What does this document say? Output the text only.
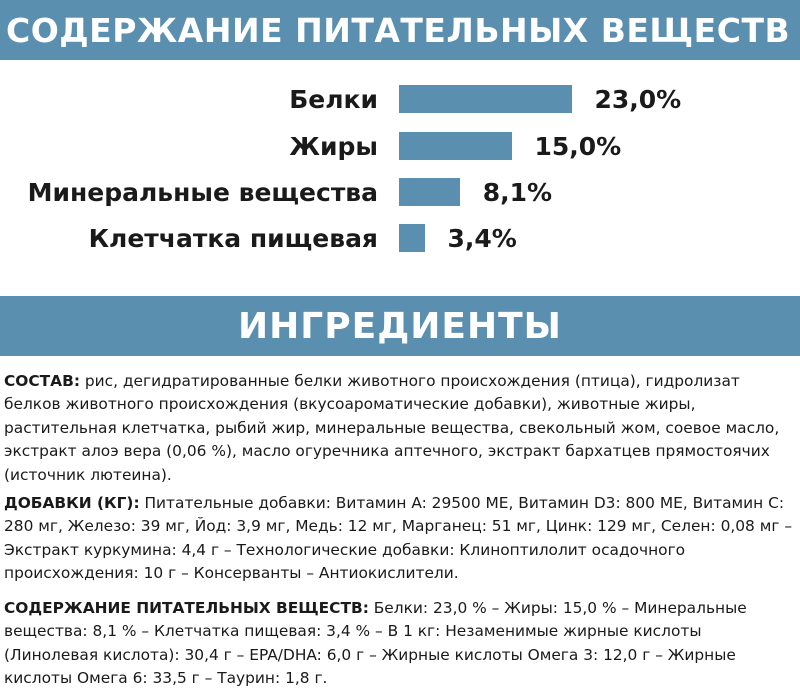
СОДЕРЖАНИЕ ПИТАТЕЛЬНЫХ ВЕЩЕСТВ
Белки	23,0%
Жиры	15,0%
Минеральные вещества	8,1%
Клетчатка пищевая	3,4%
ИНГРЕДИЕНТЫ
СОСТАВ: рис, дегидратированные белки животного происхождения (птица), гидролизат белков животного происхождения (вкусоароматические добавки), животные жиры, растительная клетчатка, рыбий жир, минеральные вещества, свекольный жом, соевое масло, экстракт алоэ вера (0,06 %), масло огуречника аптечного, экстракт бархатцев прямостоячих (источник лютеина).
ДОБАВКИ (КГ): Питательные добавки: Витамин A: 29500 МЕ, Витамин D3: 800 МЕ, Витамин C: 280 мг, Железо: 39 мг, Йод: 3,9 мг, Медь: 12 мг, Марганец: 51 мг, Цинк: 129 мг, Селен: 0,08 мг – Экстракт куркумина: 4,4 г – Технологические добавки: Клиноптилолит осадочного происхождения: 10 г – Консерванты – Антиокислители.
СОДЕРЖАНИЕ ПИТАТЕЛЬНЫХ ВЕЩЕСТВ: Белки: 23,0 % – Жиры: 15,0 % – Минеральные вещества: 8,1 % – Клетчатка пищевая: 3,4 % – В 1 кг: Незаменимые жирные кислоты (Линолевая кислота): 30,4 г – EPA/DHA: 6,0 г – Жирные кислоты Омега 3: 12,0 г – Жирные кислоты Омега 6: 33,5 г – Таурин: 1,8 г.
